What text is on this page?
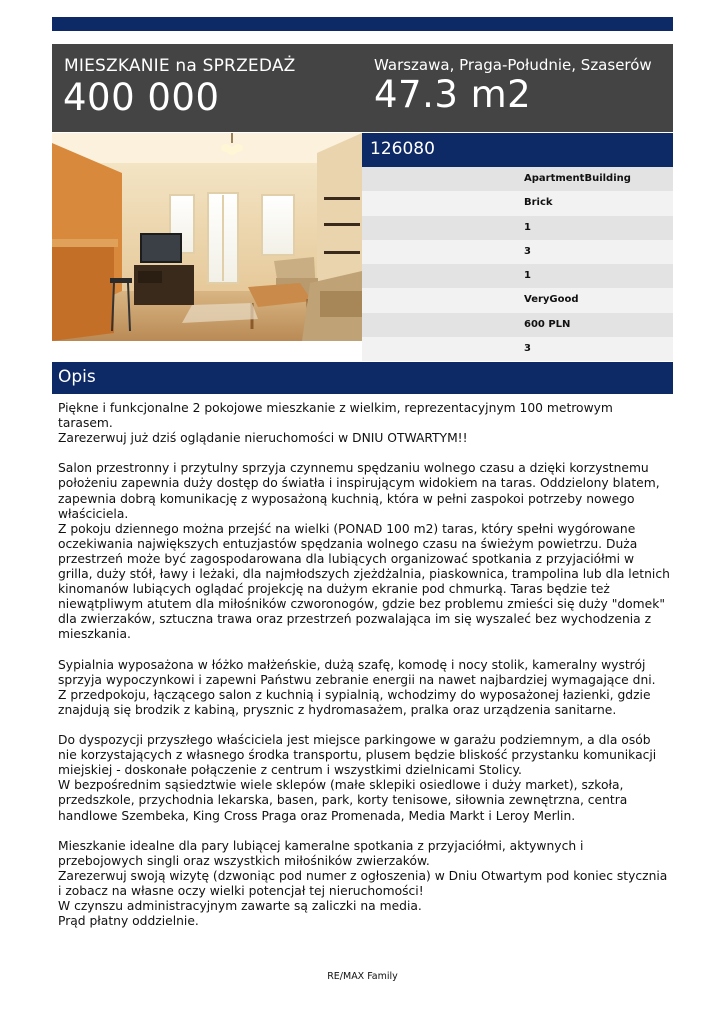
MIESZKANIE na SPRZEDAŻ
400 000
Warszawa, Praga-Południe, Szaserów
47.3 m2
126080
ApartmentBuilding
Brick
1
3
1
VeryGood
600 PLN
3
Opis

Piękne i funkcjonalne 2 pokojowe mieszkanie z wielkim, reprezentacyjnym 100 metrowym

tarasem.

Zarezerwuj już dziś oglądanie nieruchomości w DNIU OTWARTYM!!

Salon przestronny i przytulny sprzyja czynnemu spędzaniu wolnego czasu a dzięki korzystnemu

położeniu zapewnia duży dostęp do światła i inspirującym widokiem na taras. Oddzielony blatem,

zapewnia dobrą komunikację z wyposażoną kuchnią, która w pełni zaspokoi potrzeby nowego

właściciela.

Z pokoju dziennego można przejść na wielki (PONAD 100 m2) taras, który spełni wygórowane

oczekiwania największych entuzjastów spędzania wolnego czasu na świeżym powietrzu. Duża

przestrzeń może być zagospodarowana dla lubiących organizować spotkania z przyjaciółmi w

grilla, duży stół, ławy i leżaki, dla najmłodszych zjeżdżalnia, piaskownica, trampolina lub dla letnich

kinomanów lubiących oglądać projekcję na dużym ekranie pod chmurką. Taras będzie też

niewątpliwym atutem dla miłośników czworonogów, gdzie bez problemu zmieści się duży "domek"

dla zwierzaków, sztuczna trawa oraz przestrzeń pozwalająca im się wyszaleć bez wychodzenia z

mieszkania.

Sypialnia wyposażona w łóżko małżeńskie, dużą szafę, komodę i nocy stolik, kameralny wystrój

sprzyja wypoczynkowi i zapewni Państwu zebranie energii na nawet najbardziej wymagające dni.

Z przedpokoju, łączącego salon z kuchnią i sypialnią, wchodzimy do wyposażonej łazienki, gdzie

znajdują się brodzik z kabiną, prysznic z hydromasażem, pralka oraz urządzenia sanitarne.

Do dyspozycji przyszłego właściciela jest miejsce parkingowe w garażu podziemnym, a dla osób

nie korzystających z własnego środka transportu, plusem będzie bliskość przystanku komunikacji

miejskiej - doskonałe połączenie z centrum i wszystkimi dzielnicami Stolicy.

W bezpośrednim sąsiedztwie wiele sklepów (małe sklepiki osiedlowe i duży market), szkoła,

przedszkole, przychodnia lekarska, basen, park, korty tenisowe, siłownia zewnętrzna, centra

handlowe Szembeka, King Cross Praga oraz Promenada, Media Markt i Leroy Merlin.

Mieszkanie idealne dla pary lubiącej kameralne spotkania z przyjaciółmi, aktywnych i

przebojowych singli oraz wszystkich miłośników zwierzaków.

Zarezerwuj swoją wizytę (dzwoniąc pod numer z ogłoszenia) w Dniu Otwartym pod koniec stycznia

i zobacz na własne oczy wielki potencjał tej nieruchomości!

W czynszu administracyjnym zawarte są zaliczki na media.

Prąd płatny oddzielnie.

RE/MAX Family
